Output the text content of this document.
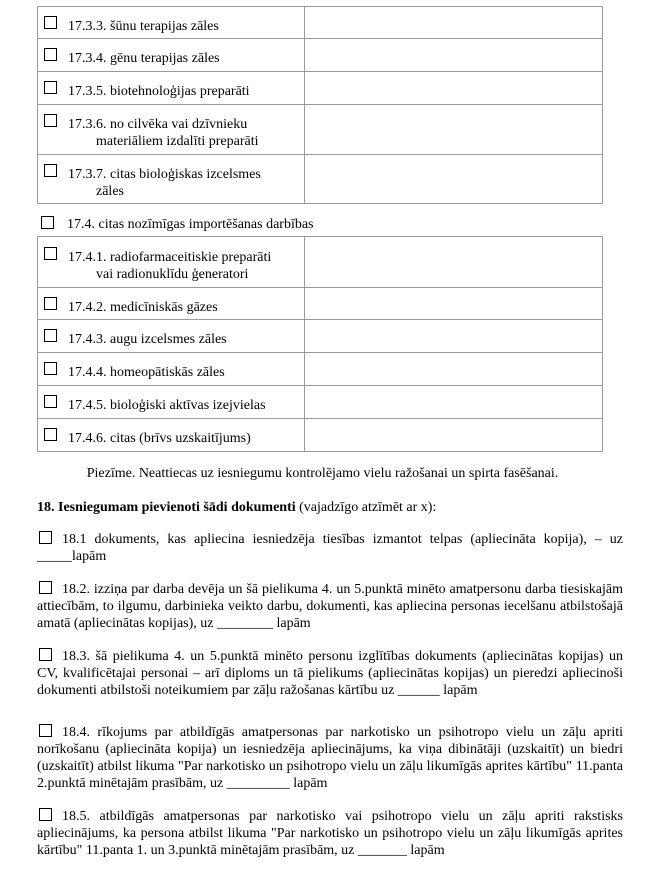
17.3.3. šūnu terapijas zāles	

17.3.4. gēnu terapijas zāles	

17.3.5. biotehnoloģijas preparāti	

17.3.6. no cilvēka vai dzīvnieku
materiāliem izdalīti preparāti	

17.3.7. citas bioloģiskas izcelsmes
zāles	

17.4. citas nozīmīgas importēšanas darbības
17.4.1. radiofarmaceitiskie preparāti
vai radionuklīdu ģeneratori	

17.4.2. medicīniskās gāzes	

17.4.3. augu izcelsmes zāles	

17.4.4. homeopātiskās zāles	

17.4.5. bioloģiski aktīvas izejvielas	

17.4.6. citas (brīvs uzskaitījums)	

Piezīme. Neattiecas uz iesniegumu kontrolējamo vielu ražošanai un spirta fasēšanai.
18. Iesniegumam pievienoti šādi dokumenti (vajadzīgo atzīmēt ar x):
18.1 dokuments, kas apliecina iesniedzēja tiesības izmantot telpas (apliecināta kopija), – uz _____lapām
18.2. izziņa par darba devēja un šā pielikuma 4. un 5.punktā minēto amatpersonu darba tiesiskajām attiecībām, to ilgumu, darbinieka veikto darbu, dokumenti, kas apliecina personas iecelšanu atbilstošajā amatā (apliecinātas kopijas), uz ________ lapām
18.3. šā pielikuma 4. un 5.punktā minēto personu izglītības dokuments (apliecinātas kopijas) un CV, kvalificētajai personai – arī diploms un tā pielikums (apliecinātas kopijas) un pieredzi apliecinoši dokumenti atbilstoši noteikumiem par zāļu ražošanas kārtību uz ______ lapām
18.4. rīkojums par atbildīgās amatpersonas par narkotisko un psihotropo vielu un zāļu apriti norīkošanu (apliecināta kopija) un iesniedzēja apliecinājums, ka viņa dibinātāji (uzskaitīt) un biedri (uzskaitīt) atbilst likuma "Par narkotisko un psihotropo vielu un zāļu likumīgās aprites kārtību" 11.panta 2.punktā minētajām prasībām, uz _________ lapām
18.5. atbildīgās amatpersonas par narkotisko vai psihotropo vielu un zāļu apriti rakstisks apliecinājums, ka persona atbilst likuma "Par narkotisko un psihotropo vielu un zāļu likumīgās aprites kārtību" 11.panta 1. un 3.punktā minētajām prasībām, uz _______ lapām
